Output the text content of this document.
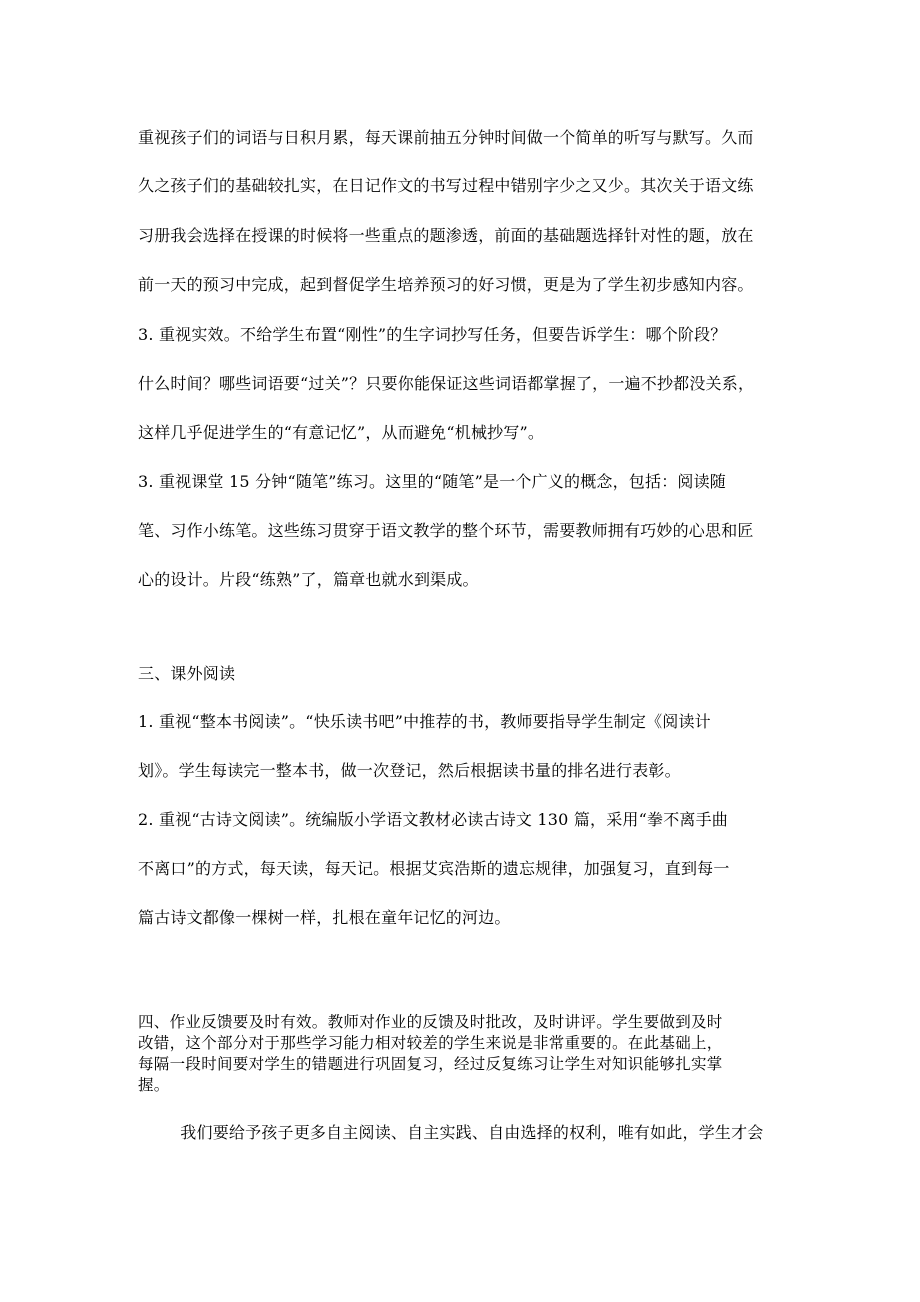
重视孩子们的词语与日积月累，每天课前抽五分钟时间做一个简单的听写与默写。久而
久之孩子们的基础较扎实，在日记作文的书写过程中错别字少之又少。其次关于语文练
习册我会选择在授课的时候将一些重点的题渗透，前面的基础题选择针对性的题，放在
前一天的预习中完成，起到督促学生培养预习的好习惯，更是为了学生初步感知内容。
3. 重视实效。不给学生布置“刚性”的生字词抄写任务，但要告诉学生：哪个阶段？
什么时间？哪些词语要“过关”？只要你能保证这些词语都掌握了，一遍不抄都没关系，
这样几乎促进学生的“有意记忆”，从而避免“机械抄写”。
3. 重视课堂 15 分钟“随笔”练习。这里的“随笔”是一个广义的概念，包括：阅读随
笔、习作小练笔。这些练习贯穿于语文教学的整个环节，需要教师拥有巧妙的心思和匠
心的设计。片段“练熟”了，篇章也就水到渠成。
三、课外阅读
1. 重视“整本书阅读”。“快乐读书吧”中推荐的书，教师要指导学生制定《阅读计
划》。学生每读完一整本书，做一次登记，然后根据读书量的排名进行表彰。
2. 重视“古诗文阅读”。统编版小学语文教材必读古诗文 130 篇，采用“拳不离手曲
不离口”的方式，每天读，每天记。根据艾宾浩斯的遗忘规律，加强复习，直到每一
篇古诗文都像一棵树一样，扎根在童年记忆的河边。
四、作业反馈要及时有效。教师对作业的反馈及时批改，及时讲评。学生要做到及时
改错，这个部分对于那些学习能力相对较差的学生来说是非常重要的。在此基础上，
每隔一段时间要对学生的错题进行巩固复习，经过反复练习让学生对知识能够扎实掌
握。
我们要给予孩子更多自主阅读、自主实践、自由选择的权利，唯有如此，学生才会
